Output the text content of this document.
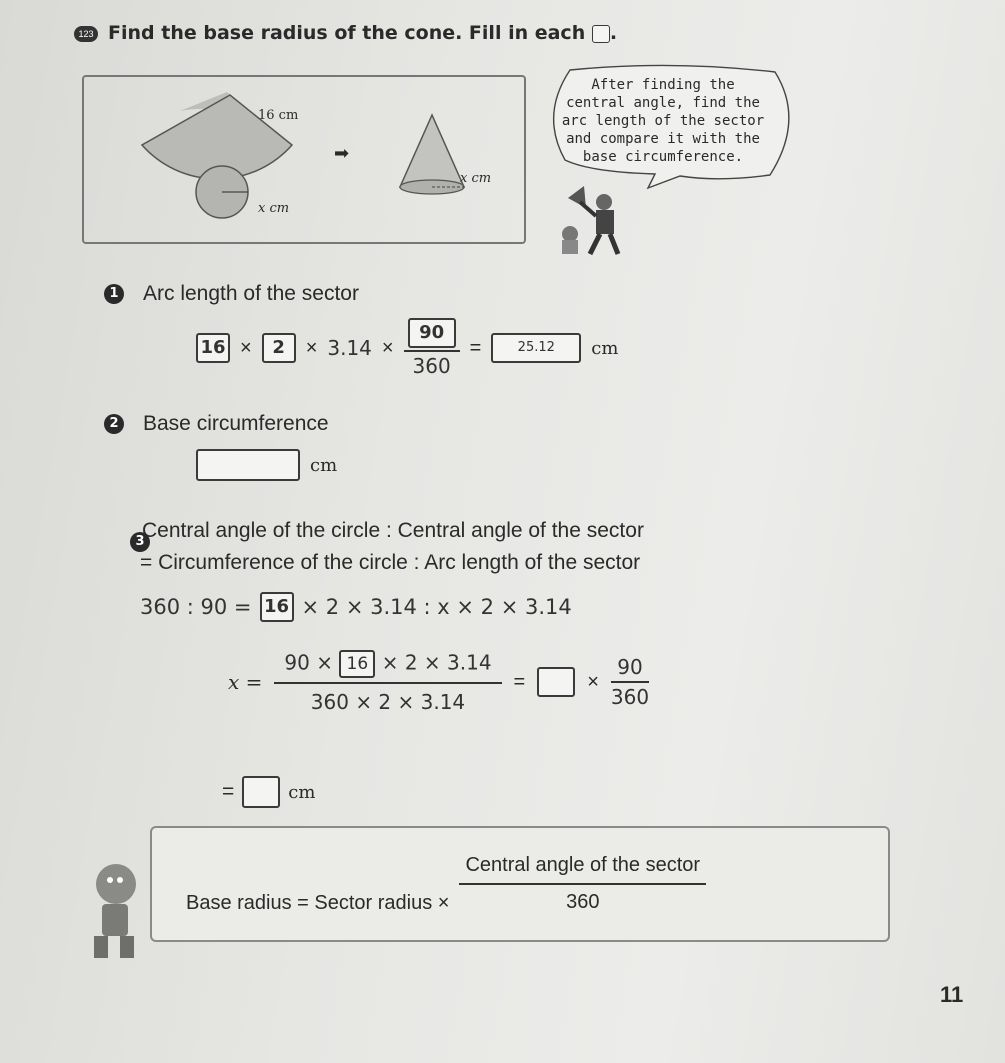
123 Find the base radius of the cone. Fill in each .
16 cm
x cm
x cm
➡
After finding the
central angle, find the
arc length of the sector
and compare it with the
base circumference.
1 Arc length of the sector
16 ×	2	× $3.14 \times \frac{90}{360}$ =	25.12	cm
2 Base circumference
cm
3
Central angle of the circle : Central angle of the sector
= Circumference of the circle : Arc length of the sector
360 : 90 = 16 × 2 × 3.14 : x × 2 × 3.14
$x = \frac{90 \times 16 \times 2 \times 3.14}{360 \times 2 \times 3.14}$ =	× $\frac{90}{360}$
=	cm
Base radius = Sector radius × $\frac{\text{Central angle of the sector}}{360}$
11
